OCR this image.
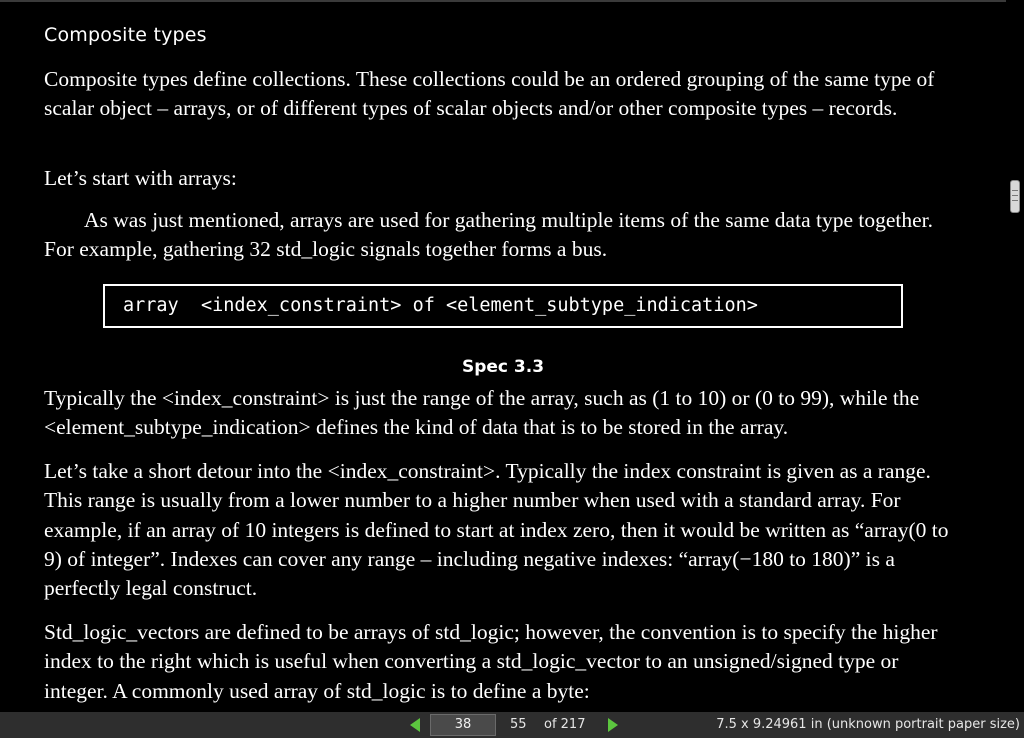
Composite types

Composite types define collections. These collections could be an ordered grouping of the same type of scalar object – arrays, or of different types of scalar objects and/or other composite types – records.

Let’s start with arrays:

As was just mentioned, arrays are used for gathering multiple items of the same data type together. For example, gathering 32 std_logic signals together forms a bus.

array  <index_constraint> of <element_subtype_indication>
Spec 3.3

Typically the <index_constraint> is just the range of the array, such as (1 to 10) or (0 to 99), while the <element_subtype_indication> defines the kind of data that is to be stored in the array.

Let’s take a short detour into the <index_constraint>. Typically the index constraint is given as a range. This range is usually from a lower number to a higher number when used with a standard array. For example, if an array of 10 integers is defined to start at index zero, then it would be written as “array(0 to 9) of integer”. Indexes can cover any range – including negative indexes: “array(−180 to 180)” is a perfectly legal construct.

Std_logic_vectors are defined to be arrays of std_logic; however, the convention is to specify the higher index to the right which is useful when converting a std_logic_vector to an unsigned/signed type or integer. A commonly used array of std_logic is to define a byte:

38	55 of 217	7.5 x 9.24961 in (unknown portrait paper size)
